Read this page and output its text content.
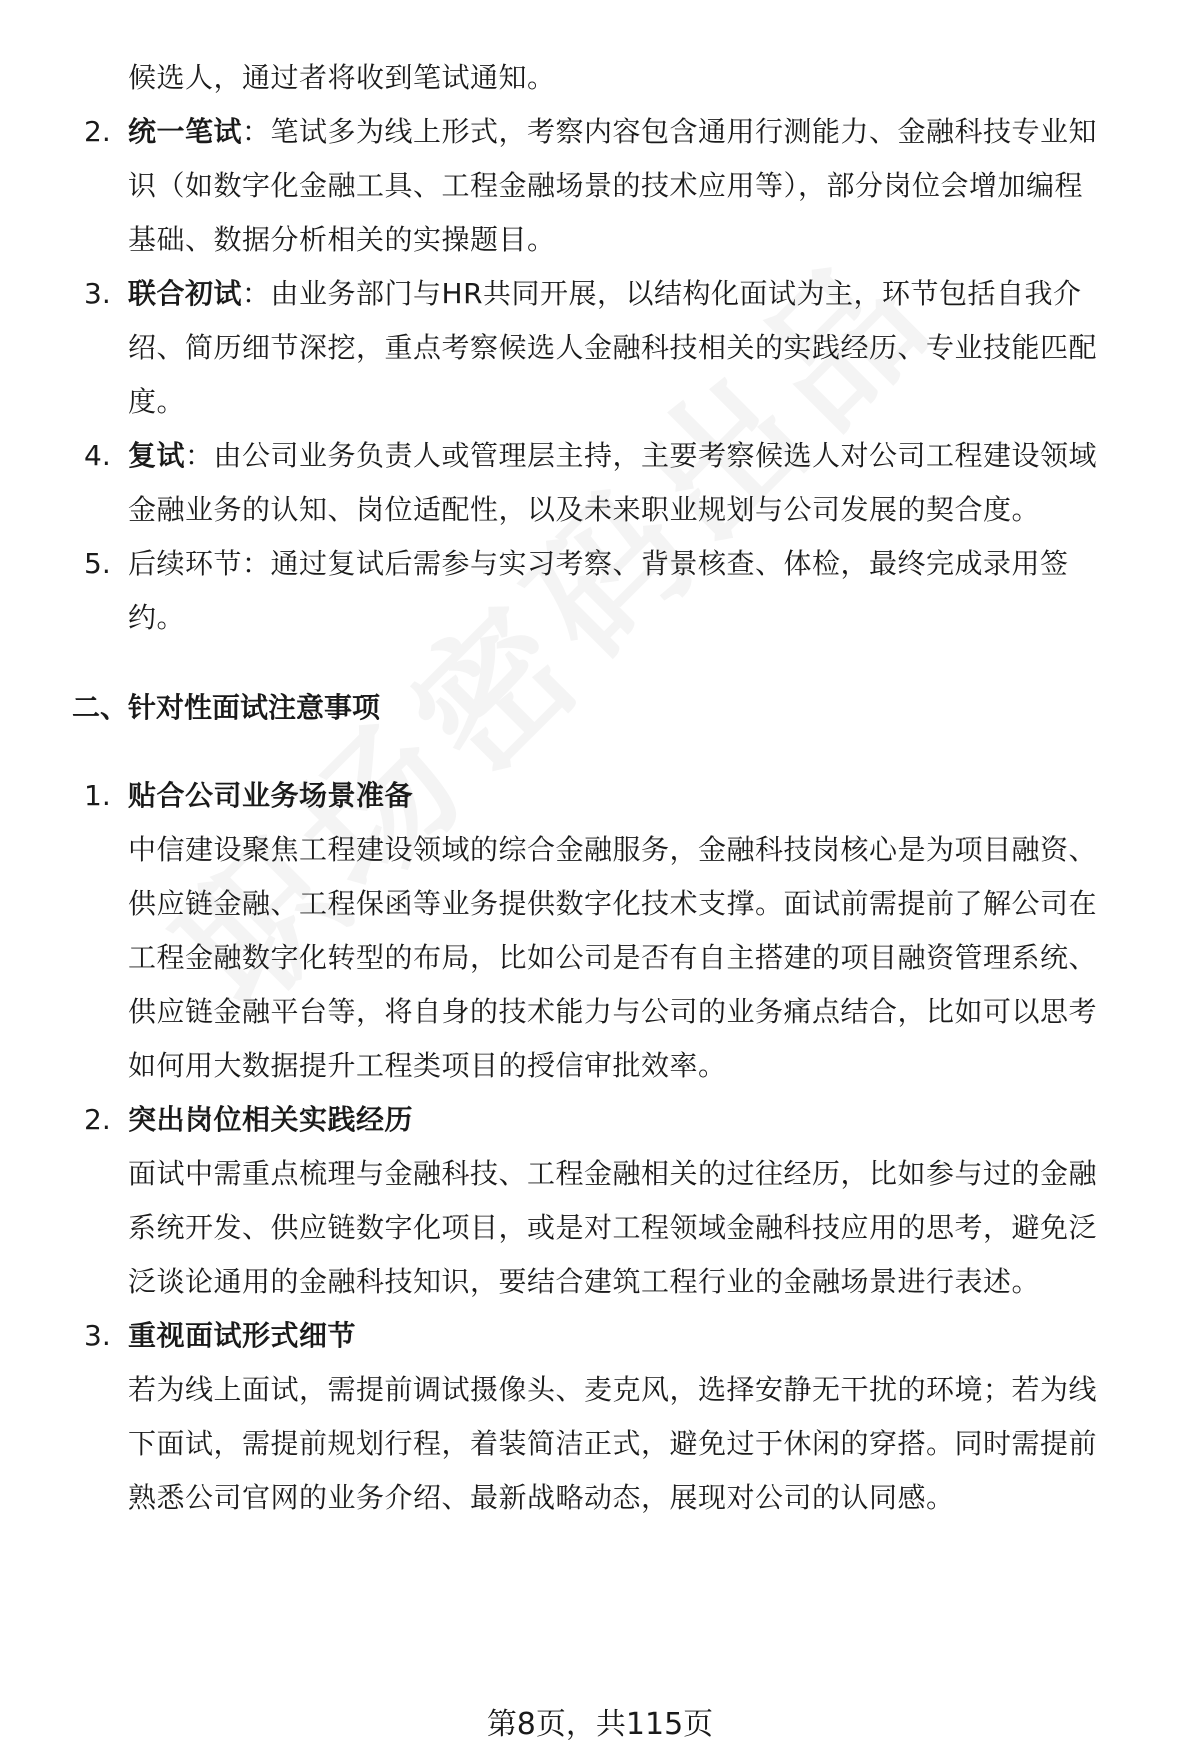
候选人，通过者将收到笔试通知。
2. 统一笔试：笔试多为线上形式，考察内容包含通用行测能力、金融科技专业知
识（如数字化金融工具、工程金融场景的技术应用等），部分岗位会增加编程
基础、数据分析相关的实操题目。
3. 联合初试：由业务部门与HR共同开展，以结构化面试为主，环节包括自我介
绍、简历细节深挖，重点考察候选人金融科技相关的实践经历、专业技能匹配
度。
4. 复试：由公司业务负责人或管理层主持，主要考察候选人对公司工程建设领域
金融业务的认知、岗位适配性，以及未来职业规划与公司发展的契合度。
5. 后续环节：通过复试后需参与实习考察、背景核查、体检，最终完成录用签
约。
二、针对性面试注意事项
1. 贴合公司业务场景准备
中信建设聚焦工程建设领域的综合金融服务，金融科技岗核心是为项目融资、
供应链金融、工程保函等业务提供数字化技术支撑。面试前需提前了解公司在
工程金融数字化转型的布局，比如公司是否有自主搭建的项目融资管理系统、
供应链金融平台等，将自身的技术能力与公司的业务痛点结合，比如可以思考
如何用大数据提升工程类项目的授信审批效率。
2. 突出岗位相关实践经历
面试中需重点梳理与金融科技、工程金融相关的过往经历，比如参与过的金融
系统开发、供应链数字化项目，或是对工程领域金融科技应用的思考，避免泛
泛谈论通用的金融科技知识，要结合建筑工程行业的金融场景进行表述。
3. 重视面试形式细节
若为线上面试，需提前调试摄像头、麦克风，选择安静无干扰的环境；若为线
下面试，需提前规划行程，着装简洁正式，避免过于休闲的穿搭。同时需提前
熟悉公司官网的业务介绍、最新战略动态，展现对公司的认同感。
第8页，共115页
